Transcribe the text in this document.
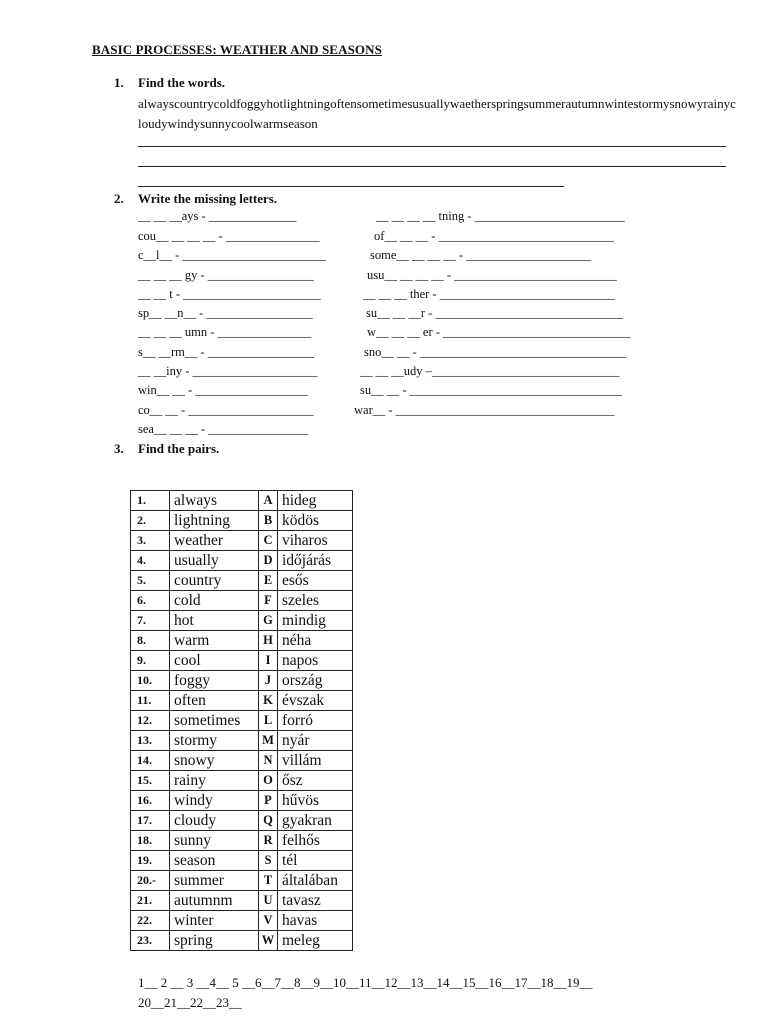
BASIC PROCESSES: WEATHER AND SEASONS
1. Find the words.
alwayscountrycoldfoggyhotlightningoftensometimesusuallywaetherspringsummerautumnwintestormysnowyrainycloudywindysunnycoolwarmseason
2. Write the missing letters.
__ __ __ays - ______________	__ __ __ __ tning - ________________________
cou__ __ __ __ - _______________	of__ __ __ - ____________________________
c__l__ - _______________________	some__ __ __ __ - ____________________
__ __ __ gy - _________________	usu__ __ __ __ - __________________________
__ __ t - ______________________	__ __ __ ther - ____________________________
sp__ __n__ - _________________	su__ __ __r - ______________________________
__ __ __ umn - _______________	w__ __ __ er - ______________________________
s__ __rm__ - _________________	sno__ __ - _________________________________
__ __iny - ____________________	__ __ __udy –______________________________
win__ __ - __________________	su__ __ - __________________________________
co__ __ - ____________________	war__ - ___________________________________
sea__ __ __ - ________________
3. Find the pairs.
1.	always	A	hideg
2.	lightning	B	ködös
3.	weather	C	viharos
4.	usually	D	időjárás
5.	country	E	esős
6.	cold	F	szeles
7.	hot	G	mindig
8.	warm	H	néha
9.	cool	I	napos
10.	foggy	J	ország
11.	often	K	évszak
12.	sometimes	L	forró
13.	stormy	M	nyár
14.	snowy	N	villám
15.	rainy	O	ősz
16.	windy	P	hűvös
17.	cloudy	Q	gyakran
18.	sunny	R	felhős
19.	season	S	tél
20.-	summer	T	általában
21.	autumnm	U	tavasz
22.	winter	V	havas
23.	spring	W	meleg
1__ 2 __ 3 __4__ 5 __6__7__8__9__10__11__12__13__14__15__16__17__18__19__
20__21__22__23__
